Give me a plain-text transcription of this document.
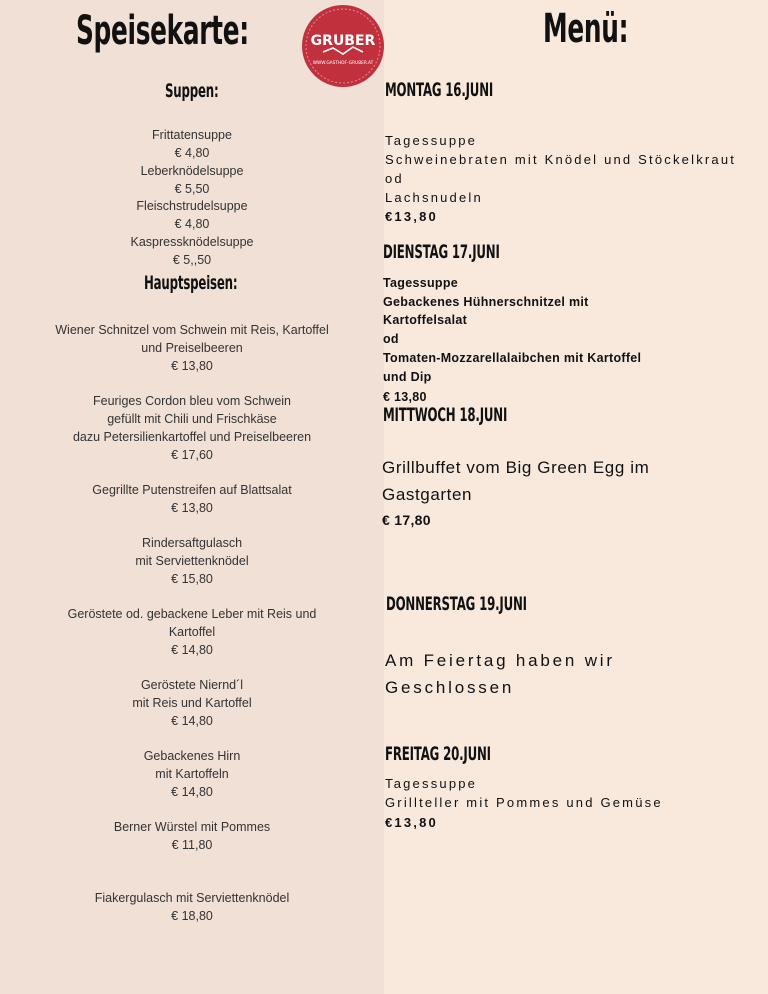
Speisekarte:	Menü:
GRUBER
WWW.GASTHOF-GRUBER.AT
Suppen:
Hauptspeisen:
Frittatensuppe
€ 4,80
Leberknödelsuppe
€ 5,50
Fleischstrudelsuppe
€ 4,80
Kaspressknödelsuppe
€ 5,,50
Wiener Schnitzel vom Schwein mit Reis, Kartoffel
und Preiselbeeren
€ 13,80
Feuriges Cordon bleu vom Schwein
gefüllt mit Chili und Frischkäse
dazu Petersilienkartoffel und Preiselbeeren
€ 17,60
Gegrillte Putenstreifen auf Blattsalat
€ 13,80
Rindersaftgulasch
mit Serviettenknödel
€ 15,80
Geröstete od. gebackene Leber mit Reis und
Kartoffel
€ 14,80
Geröstete Niernd´l
mit Reis und Kartoffel
€ 14,80
Gebackenes Hirn
mit Kartoffeln
€ 14,80
Berner Würstel mit Pommes
€ 11,80
Fiakergulasch mit Serviettenknödel
€ 18,80
MONTAG 16.JUNI
Tagessuppe
Schweinebraten mit Knödel und Stöckelkraut
od
Lachsnudeln
€13,80
DIENSTAG 17.JUNI
Tagessuppe
Gebackenes Hühnerschnitzel mit
Kartoffelsalat
od
Tomaten-Mozzarellalaibchen mit Kartoffel
und Dip
€ 13,80
MITTWOCH 18.JUNI
Grillbuffet vom Big Green Egg im
Gastgarten
€ 17,80
DONNERSTAG 19.JUNI
Am Feiertag haben wir
Geschlossen
FREITAG 20.JUNI
Tagessuppe
Grillteller mit Pommes und Gemüse
€13,80
